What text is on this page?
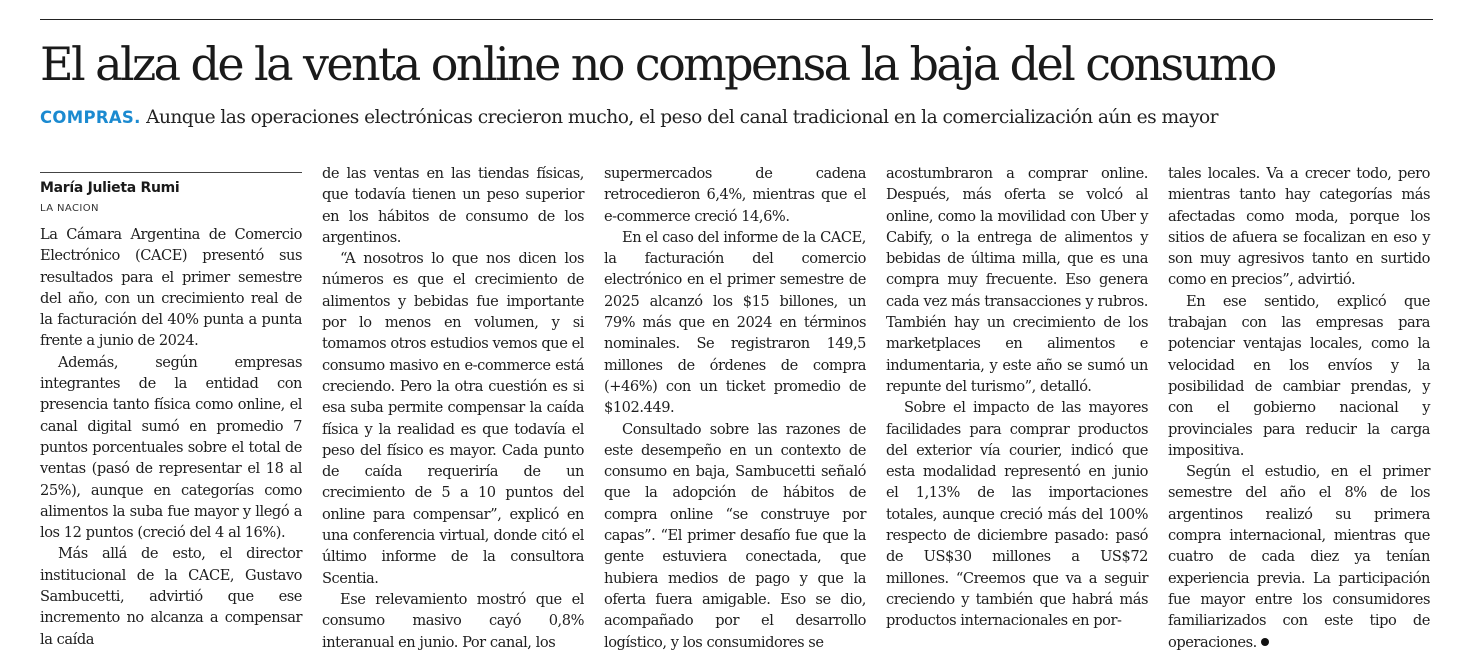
El alza de la venta online no compensa la baja del consumo
COMPRAS. Aunque las operaciones electrónicas crecieron mucho, el peso del canal tradicional en la comercialización aún es mayor
María Julieta Rumi
LA NACION

La Cámara Argentina de Comercio Electrónico (CACE) presentó sus resultados para el primer semestre del año, con un crecimiento real de la facturación del 40% punta a punta frente a junio de 2024.

Además, según empresas integrantes de la entidad con presencia tanto física como online, el canal digital sumó en promedio 7 puntos porcentuales sobre el total de ventas (pasó de representar el 18 al 25%), aunque en categorías como alimentos la suba fue mayor y llegó a los 12 puntos (creció del 4 al 16%).

Más allá de esto, el director institucional de la CACE, Gustavo Sambucetti, advirtió que ese incremento no alcanza a compensar la caída

de las ventas en las tiendas físicas, que todavía tienen un peso superior en los hábitos de consumo de los argentinos.

“A nosotros lo que nos dicen los números es que el crecimiento de alimentos y bebidas fue importante por lo menos en volumen, y si tomamos otros estudios vemos que el consumo masivo en e-commerce está creciendo. Pero la otra cuestión es si esa suba permite compensar la caída física y la realidad es que todavía el peso del físico es mayor. Cada punto de caída requeriría de un crecimiento de 5 a 10 puntos del online para compensar”, explicó en una conferencia virtual, donde citó el último informe de la consultora Scentia.

Ese relevamiento mostró que el consumo masivo cayó 0,8% interanual en junio. Por canal, los

supermercados de cadena retrocedieron 6,4%, mientras que el e-commerce creció 14,6%.

En el caso del informe de la CACE, la facturación del comercio electrónico en el primer semestre de 2025 alcanzó los $15 billones, un 79% más que en 2024 en términos nominales. Se registraron 149,5 millones de órdenes de compra (+46%) con un ticket promedio de $102.449.

Consultado sobre las razones de este desempeño en un contexto de consumo en baja, Sambucetti señaló que la adopción de hábitos de compra online “se construye por capas”. “El primer desafío fue que la gente estuviera conectada, que hubiera medios de pago y que la oferta fuera amigable. Eso se dio, acompañado por el desarrollo logístico, y los consumidores se

acostumbraron a comprar online. Después, más oferta se volcó al online, como la movilidad con Uber y Cabify, o la entrega de alimentos y bebidas de última milla, que es una compra muy frecuente. Eso genera cada vez más transacciones y rubros. También hay un crecimiento de los marketplaces en alimentos e indumentaria, y este año se sumó un repunte del turismo”, detalló.

Sobre el impacto de las mayores facilidades para comprar productos del exterior vía courier, indicó que esta modalidad representó en junio el 1,13% de las importaciones totales, aunque creció más del 100% respecto de diciembre pasado: pasó de US$30 millones a US$72 millones. “Creemos que va a seguir creciendo y también que habrá más productos internacionales en por-

tales locales. Va a crecer todo, pero mientras tanto hay categorías más afectadas como moda, porque los sitios de afuera se focalizan en eso y son muy agresivos tanto en surtido como en precios”, advirtió.

En ese sentido, explicó que trabajan con las empresas para potenciar ventajas locales, como la velocidad en los envíos y la posibilidad de cambiar prendas, y con el gobierno nacional y provinciales para reducir la carga impositiva.

Según el estudio, en el primer semestre del año el 8% de los argentinos realizó su primera compra internacional, mientras que cuatro de cada diez ya tenían experiencia previa. La participación fue mayor entre los consumidores familiarizados con este tipo de operaciones.
